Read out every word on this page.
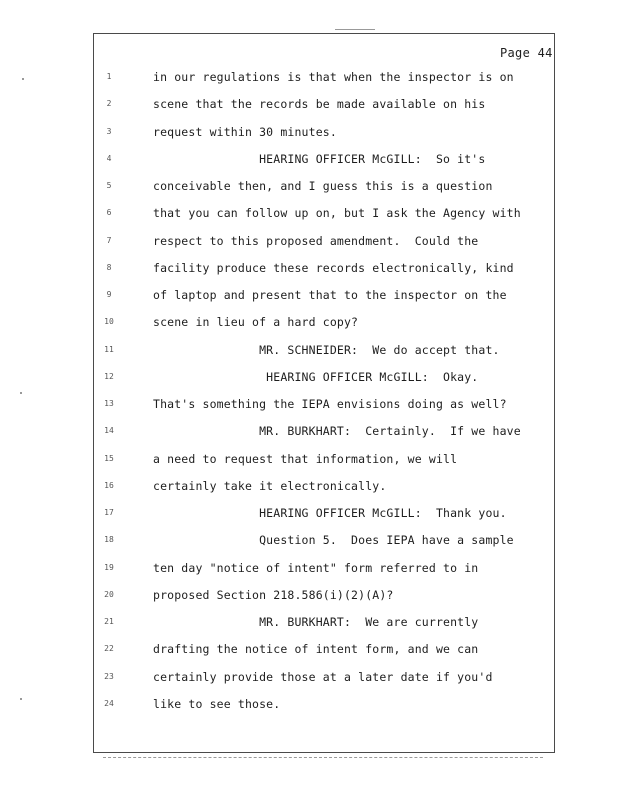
Page 44
1	in our regulations is that when the inspector is on
2	scene that the records be made available on his
3	request within 30 minutes.
4	HEARING OFFICER McGILL:  So it's
5	conceivable then, and I guess this is a question
6	that you can follow up on, but I ask the Agency with
7	respect to this proposed amendment.  Could the
8	facility produce these records electronically, kind
9	of laptop and present that to the inspector on the
10	scene in lieu of a hard copy?
11	MR. SCHNEIDER:  We do accept that.
12	HEARING OFFICER McGILL:  Okay.
13	That's something the IEPA envisions doing as well?
14	MR. BURKHART:  Certainly.  If we have
15	a need to request that information, we will
16	certainly take it electronically.
17	HEARING OFFICER McGILL:  Thank you.
18	Question 5.  Does IEPA have a sample
19	ten day "notice of intent" form referred to in
20	proposed Section 218.586(i)(2)(A)?
21	MR. BURKHART:  We are currently
22	drafting the notice of intent form, and we can
23	certainly provide those at a later date if you'd
24	like to see those.
